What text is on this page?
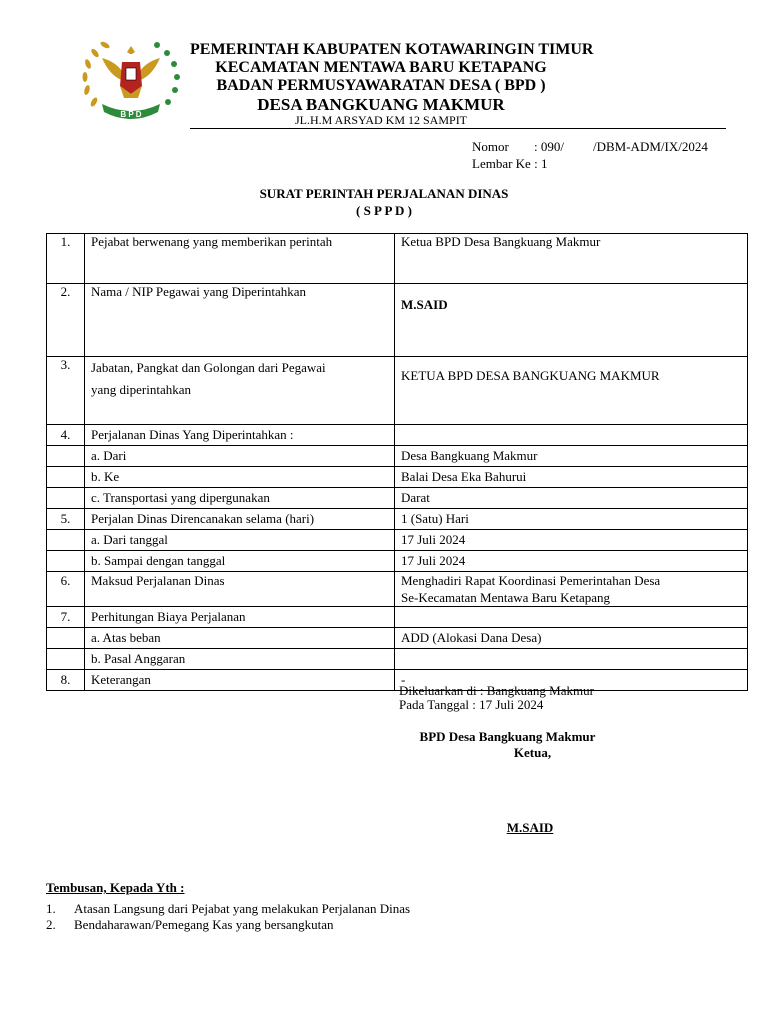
B P D
PEMERINTAH KABUPATEN KOTAWARINGIN TIMUR
KECAMATAN MENTAWA BARU KETAPANG
BADAN PERMUSYAWARATAN DESA ( BPD )
DESA BANGKUANG MAKMUR
JL.H.M ARSYAD KM 12 SAMPIT
Nomor : 090/ /DBM-ADM/IX/2024
Lembar Ke : 1
SURAT PERINTAH PERJALANAN DINAS
( S P P D )
1.	Pejabat berwenang yang memberikan perintah	Ketua BPD Desa Bangkuang Makmur
2.	Nama / NIP Pegawai yang Diperintahkan	M.SAID
3.	Jabatan, Pangkat dan Golongan dari Pegawai
yang diperintahkan	KETUA BPD DESA BANGKUANG MAKMUR
4.	Perjalanan Dinas Yang Diperintahkan :	
	a. Dari	Desa Bangkuang Makmur
	b. Ke	Balai Desa Eka Bahurui
	c. Transportasi yang dipergunakan	Darat
5.	Perjalan Dinas Direncanakan selama (hari)	1 (Satu) Hari
	a. Dari tanggal	17 Juli 2024
	b. Sampai dengan tanggal	17 Juli 2024
6.	Maksud Perjalanan Dinas	Menghadiri Rapat Koordinasi Pemerintahan Desa
Se-Kecamatan Mentawa Baru Ketapang
7.	Perhitungan Biaya Perjalanan	
	a. Atas beban	ADD (Alokasi Dana Desa)
	b. Pasal Anggaran	
8.	Keterangan	-
Dikeluarkan di : Bangkuang Makmur
Pada Tanggal : 17 Juli 2024
BPD Desa Bangkuang Makmur
Ketua,
M.SAID
Tembusan, Kepada Yth :
1. Atasan Langsung dari Pejabat yang melakukan Perjalanan Dinas
2. Bendaharawan/Pemegang Kas yang bersangkutan
